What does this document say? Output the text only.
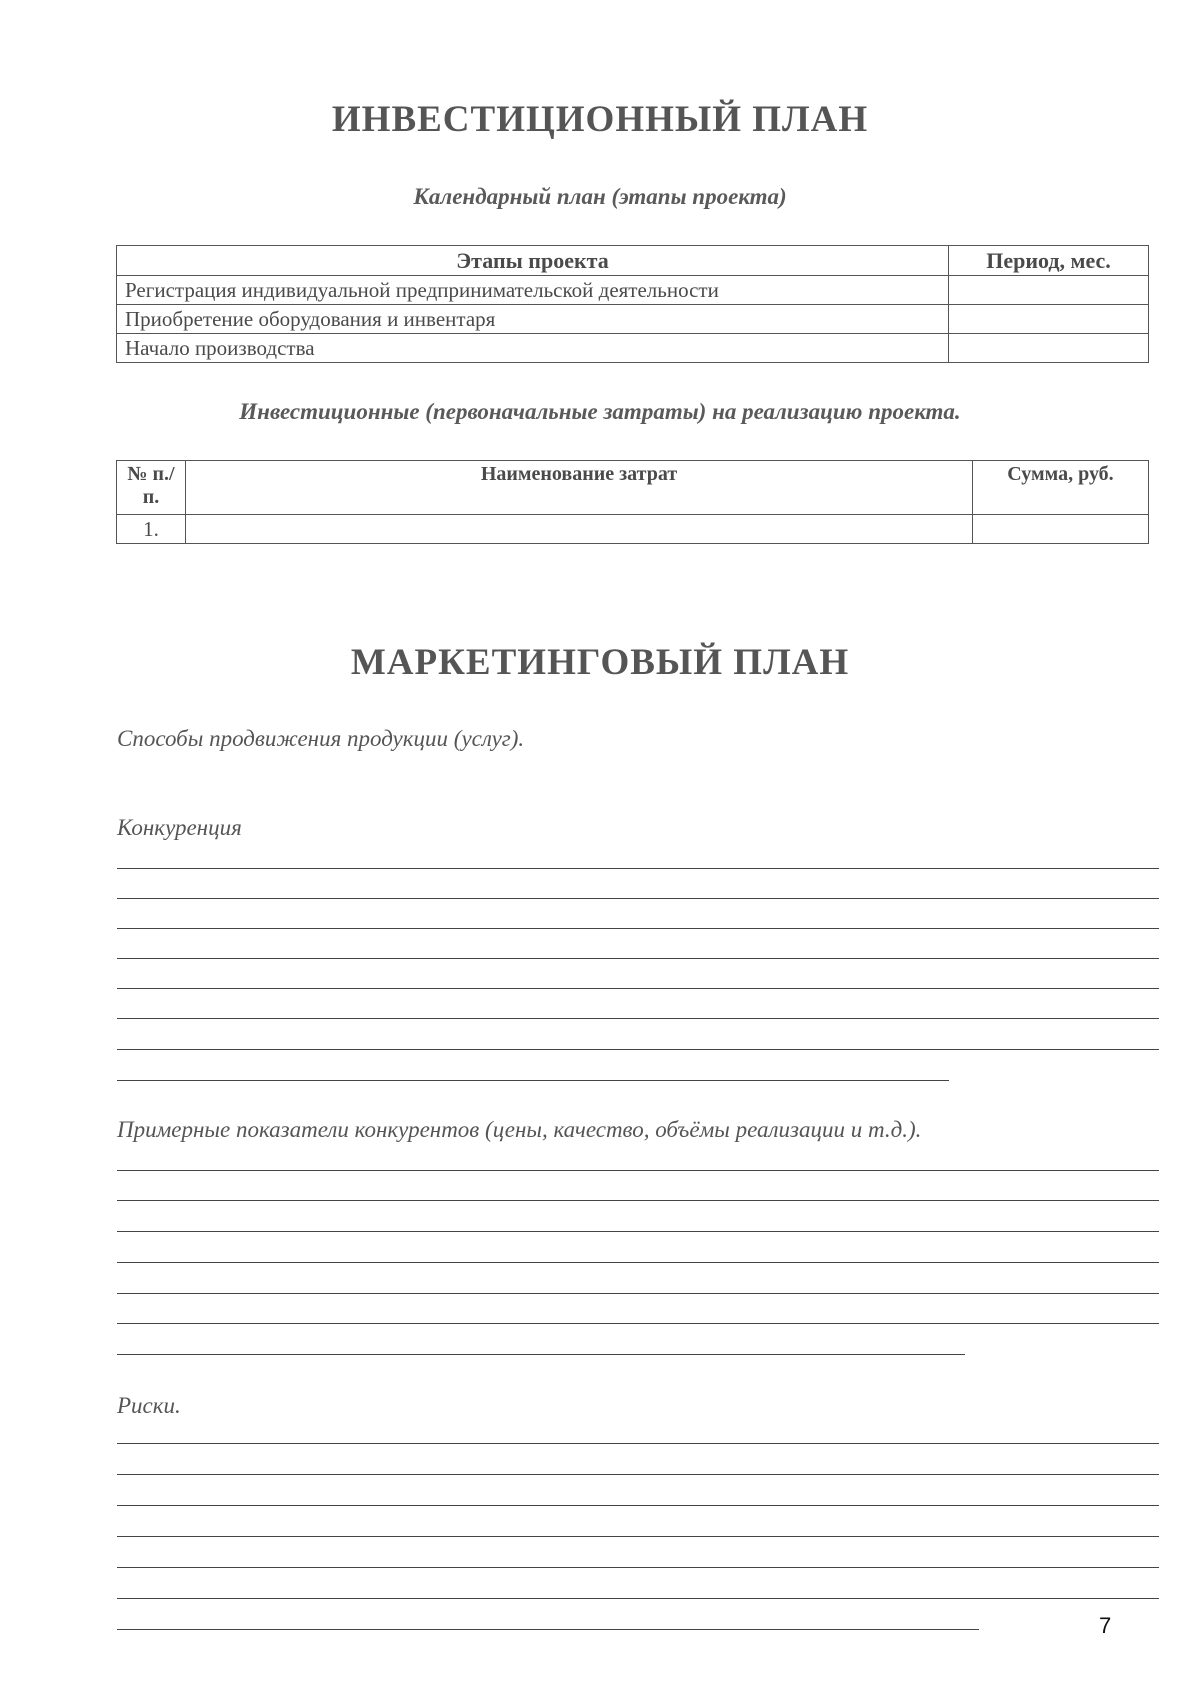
ИНВЕСТИЦИОННЫЙ ПЛАН
Календарный план (этапы проекта)
Этапы проекта	Период, мес.
Регистрация индивидуальной предпринимательской деятельности	
Приобретение оборудования и инвентаря	
Начало производства	
Инвестиционные (первоначальные затраты) на реализацию проекта.
№ п./п.	Наименование затрат	Сумма, руб.
1.		
МАРКЕТИНГОВЫЙ ПЛАН
Способы продвижения продукции (услуг).
Конкуренция
Примерные показатели конкурентов (цены, качество, объёмы реализации и т.д.).
Риски.
7
